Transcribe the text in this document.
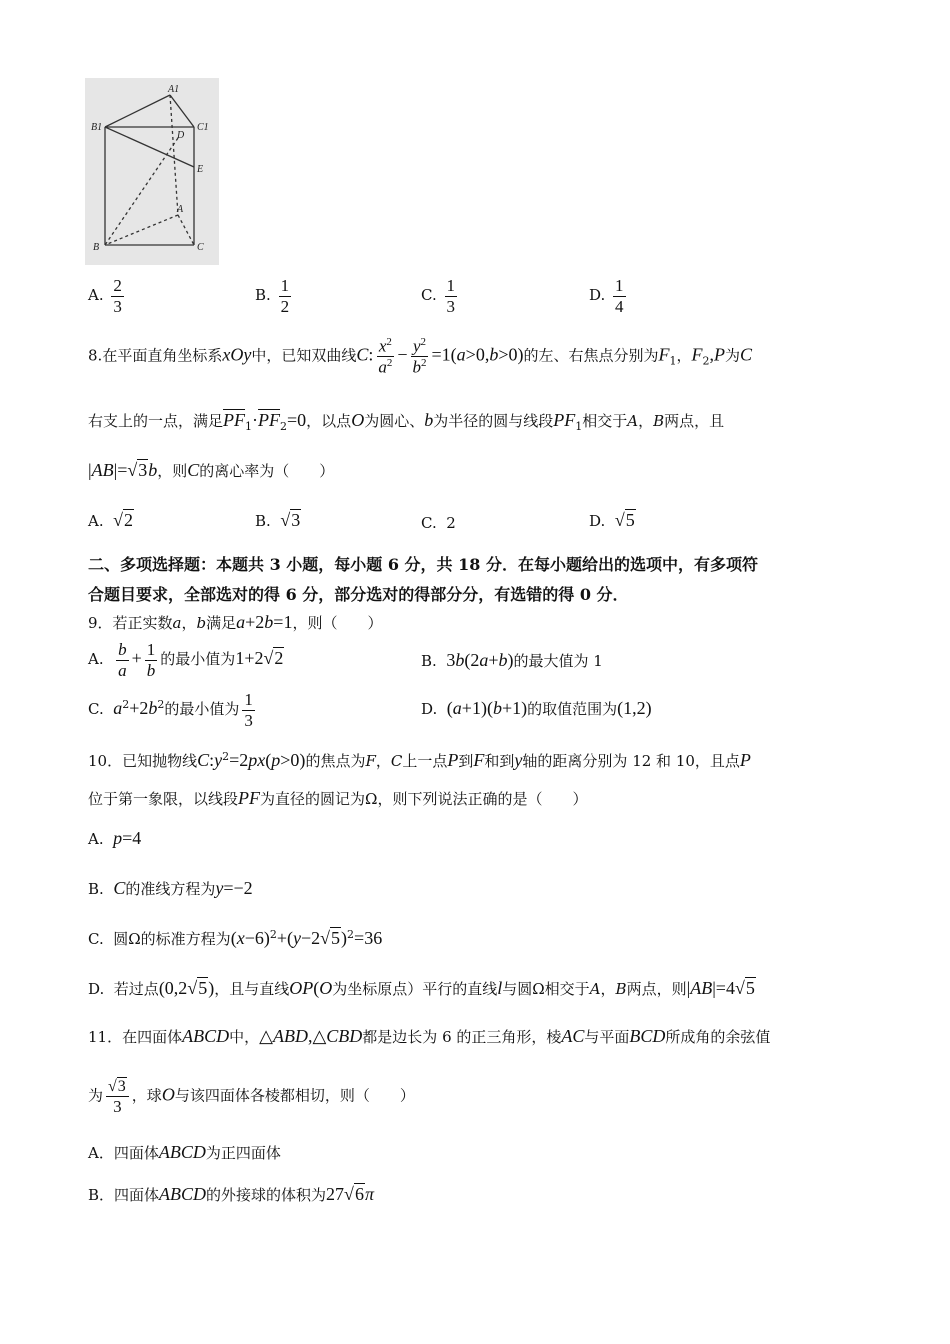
A1
B1	C1
D
E
A
B	C
A. $\frac{2}{3}$	B. $\frac{1}{2}$	C. $\frac{1}{3}$	D. $\frac{1}{4}$
8.在平面直角坐标系xOy中，已知双曲线C: $\frac{x^2}{a^2} - \frac{y^2}{b^2} =1(a>0,b>0)$的左、右焦点分别为$F_1$，$F_2,P$为C
右支上的一点，满足$\overline{PF}_1\cdot\overline{PF}_2=0$，以点O为圆心、b为半径的圆与线段$PF_1$相交于A，B两点，且
|AB|=√3b，则C的离心率为（　　）
A. √2	B. √3	C. 2	D. √5
二、多项选择题：本题共 3 小题，每小题 6 分，共 18 分．在每小题给出的选项中，有多项符
合题目要求，全部选对的得 6 分，部分选对的得部分分，有选错的得 0 分．
9．若正实数a，b满足a+2b=1，则（　　）
A. $\frac{b}{a} + \frac{1}{b}$ 的最小值为1+2√2	B.  3b(2a+b)的最大值为 1
C.  $a^2+2b^2$的最小值为 $\frac{1}{3}$	D.  (a+1)(b+1)的取值范围为(1,2)
10．已知抛物线$C:y^2=2px(p>0)$的焦点为F，C上一点P到F和到y轴的距离分别为 12 和 10，且点P
位于第一象限，以线段PF为直径的圆记为Ω，则下列说法正确的是（　　）
A.  p=4
B.  C的准线方程为y=−2
C.  圆Ω的标准方程为$(x-6)^2+(y-2√5)^2=36$
D.  若过点(0,2√5)，且与直线OP(O为坐标原点）平行的直线l与圆Ω相交于A，B两点，则|AB|=4√5
11．在四面体ABCD中，△ABD,△CBD都是边长为 6 的正三角形，棱AC与平面BCD所成角的余弦值
为 $\frac{√3}{3}$ ，球O与该四面体各棱都相切，则（　　）
A．四面体ABCD为正四面体
B．四面体ABCD的外接球的体积为27√6π
